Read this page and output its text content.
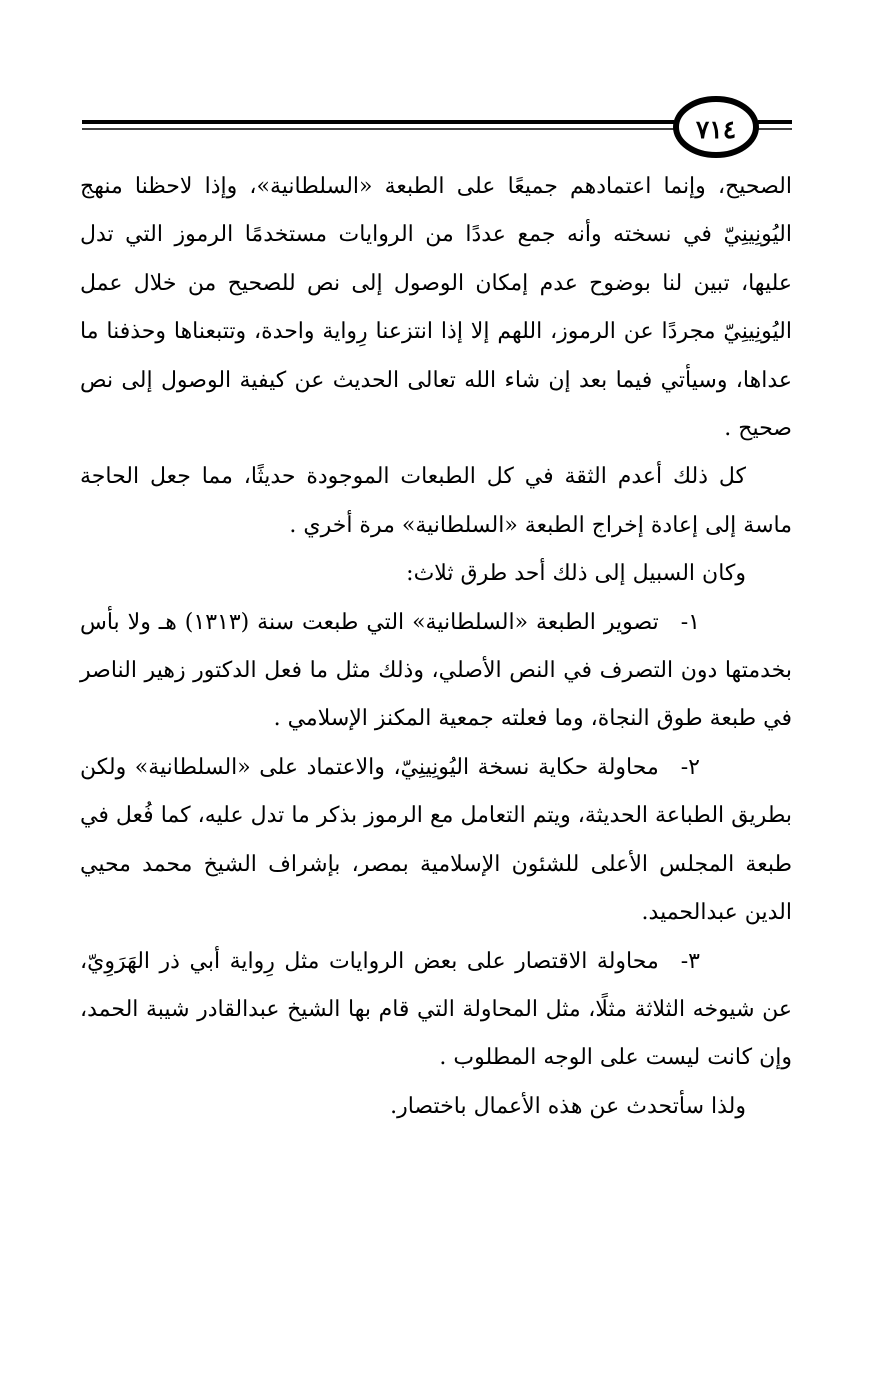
٧١٤

الصحيح، وإنما اعتمادهم جميعًا على الطبعة «السلطانية»، وإذا لاحظنا منهج اليُونِينِيّ في نسخته وأنه جمع عددًا من الروايات مستخدمًا الرموز التي تدل عليها، تبين لنا بوضوح عدم إمكان الوصول إلى نص للصحيح من خلال عمل اليُونِينِيّ مجردًا عن الرموز، اللهم إلا إذا انتزعنا رِواية واحدة، وتتبعناها وحذفنا ما عداها، وسيأتي فيما بعد إن شاء الله تعالى الحديث عن كيفية الوصول إلى نص صحيح .

كل ذلك أعدم الثقة في كل الطبعات الموجودة حديثًا، مما جعل الحاجة ماسة إلى إعادة إخراج الطبعة «السلطانية» مرة أخري .

وكان السبيل إلى ذلك أحد طرق ثلاث:

١-تصوير الطبعة «السلطانية» التي طبعت سنة (١٣١٣) هـ ولا بأس بخدمتها دون التصرف في النص الأصلي، وذلك مثل ما فعل الدكتور زهير الناصر في طبعة طوق النجاة، وما فعلته جمعية المكنز الإسلامي .

٢-محاولة حكاية نسخة اليُونِينِيّ، والاعتماد على «السلطانية» ولكن بطريق الطباعة الحديثة، ويتم التعامل مع الرموز بذكر ما تدل عليه، كما فُعل في طبعة المجلس الأعلى للشئون الإسلامية بمصر، بإشراف الشيخ محمد محيي الدين عبدالحميد.

٣-محاولة الاقتصار على بعض الروايات مثل رِواية أبي ذر الهَرَوِيّ، عن شيوخه الثلاثة مثلًا، مثل المحاولة التي قام بها الشيخ عبدالقادر شيبة الحمد، وإن كانت ليست على الوجه المطلوب .

ولذا سأتحدث عن هذه الأعمال باختصار.
